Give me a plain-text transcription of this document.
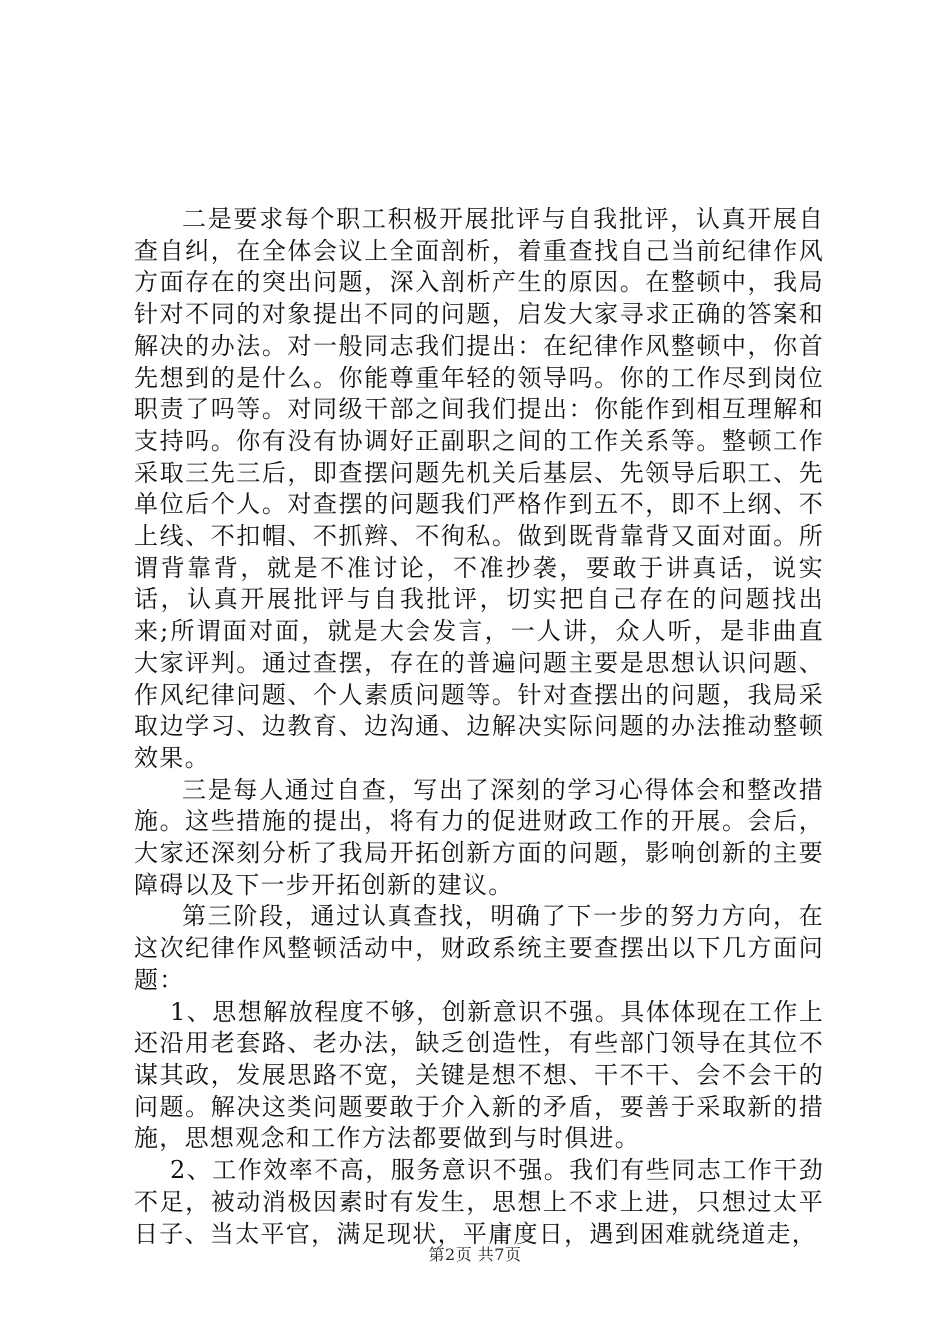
二是要求每个职工积极开展批评与自我批评，认真开展自查自纠，在全体会议上全面剖析，着重查找自己当前纪律作风方面存在的突出问题，深入剖析产生的原因。在整顿中，我局针对不同的对象提出不同的问题，启发大家寻求正确的答案和解决的办法。对一般同志我们提出：在纪律作风整顿中，你首先想到的是什么。你能尊重年轻的领导吗。你的工作尽到岗位职责了吗等。对同级干部之间我们提出：你能作到相互理解和支持吗。你有没有协调好正副职之间的工作关系等。整顿工作采取三先三后，即查摆问题先机关后基层、先领导后职工、先单位后个人。对查摆的问题我们严格作到五不，即不上纲、不上线、不扣帽、不抓辫、不徇私。做到既背靠背又面对面。所谓背靠背，就是不准讨论，不准抄袭，要敢于讲真话，说实话，认真开展批评与自我批评，切实把自己存在的问题找出来;所谓面对面，就是大会发言，一人讲，众人听，是非曲直大家评判。通过查摆，存在的普遍问题主要是思想认识问题、作风纪律问题、个人素质问题等。针对查摆出的问题，我局采取边学习、边教育、边沟通、边解决实际问题的办法推动整顿效果。

三是每人通过自查，写出了深刻的学习心得体会和整改措施。这些措施的提出，将有力的促进财政工作的开展。会后，大家还深刻分析了我局开拓创新方面的问题，影响创新的主要障碍以及下一步开拓创新的建议。

第三阶段，通过认真查找，明确了下一步的努力方向，在这次纪律作风整顿活动中，财政系统主要查摆出以下几方面问题：

1、思想解放程度不够，创新意识不强。具体体现在工作上还沿用老套路、老办法，缺乏创造性，有些部门领导在其位不谋其政，发展思路不宽，关键是想不想、干不干、会不会干的问题。解决这类问题要敢于介入新的矛盾，要善于采取新的措施，思想观念和工作方法都要做到与时俱进。

2、工作效率不高，服务意识不强。我们有些同志工作干劲不足，被动消极因素时有发生，思想上不求上进，只想过太平日子、当太平官，满足现状，平庸度日，遇到困难就绕道走，

第2页 共7页
